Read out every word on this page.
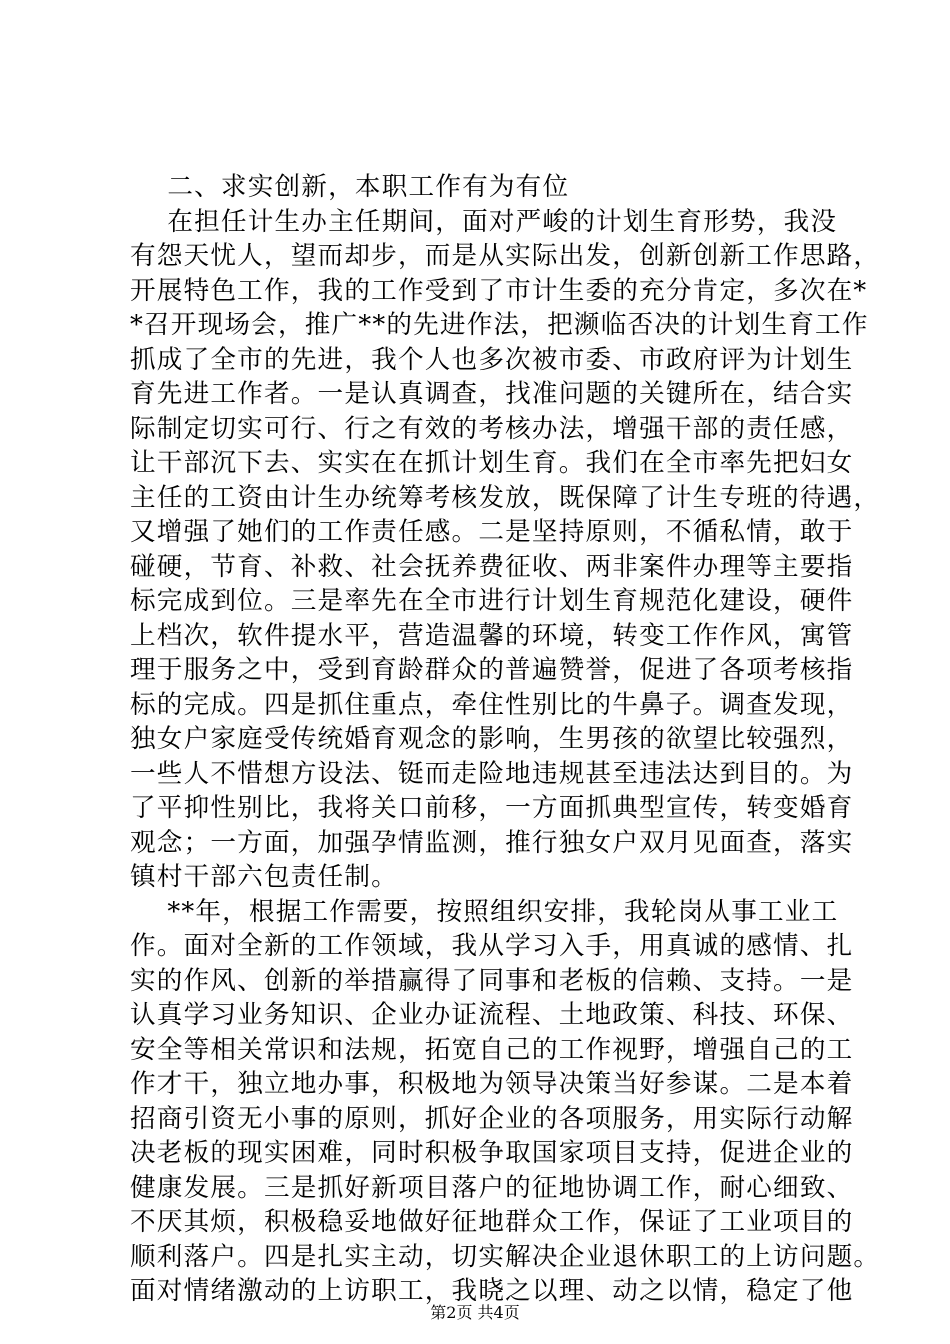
二、求实创新，本职工作有为有位
在担任计生办主任期间，面对严峻的计划生育形势，我没
有怨天忧人，望而却步，而是从实际出发，创新创新工作思路，
开展特色工作，我的工作受到了市计生委的充分肯定，多次在*
*召开现场会，推广**的先进作法，把濒临否决的计划生育工作
抓成了全市的先进，我个人也多次被市委、市政府评为计划生
育先进工作者。一是认真调查，找准问题的关键所在，结合实
际制定切实可行、行之有效的考核办法，增强干部的责任感，
让干部沉下去、实实在在抓计划生育。我们在全市率先把妇女
主任的工资由计生办统筹考核发放，既保障了计生专班的待遇，
又增强了她们的工作责任感。二是坚持原则，不循私情，敢于
碰硬，节育、补救、社会抚养费征收、两非案件办理等主要指
标完成到位。三是率先在全市进行计划生育规范化建设，硬件
上档次，软件提水平，营造温馨的环境，转变工作作风，寓管
理于服务之中，受到育龄群众的普遍赞誉，促进了各项考核指
标的完成。四是抓住重点，牵住性别比的牛鼻子。调查发现，
独女户家庭受传统婚育观念的影响，生男孩的欲望比较强烈，
一些人不惜想方设法、铤而走险地违规甚至违法达到目的。为
了平抑性别比，我将关口前移，一方面抓典型宣传，转变婚育
观念；一方面，加强孕情监测，推行独女户双月见面查，落实
镇村干部六包责任制。
**年，根据工作需要，按照组织安排，我轮岗从事工业工
作。面对全新的工作领域，我从学习入手，用真诚的感情、扎
实的作风、创新的举措赢得了同事和老板的信赖、支持。一是
认真学习业务知识、企业办证流程、土地政策、科技、环保、
安全等相关常识和法规，拓宽自己的工作视野，增强自己的工
作才干，独立地办事，积极地为领导决策当好参谋。二是本着
招商引资无小事的原则，抓好企业的各项服务，用实际行动解
决老板的现实困难，同时积极争取国家项目支持，促进企业的
健康发展。三是抓好新项目落户的征地协调工作，耐心细致、
不厌其烦，积极稳妥地做好征地群众工作，保证了工业项目的
顺利落户。四是扎实主动，切实解决企业退休职工的上访问题。
面对情绪激动的上访职工，我晓之以理、动之以情，稳定了他
第2页 共4页
